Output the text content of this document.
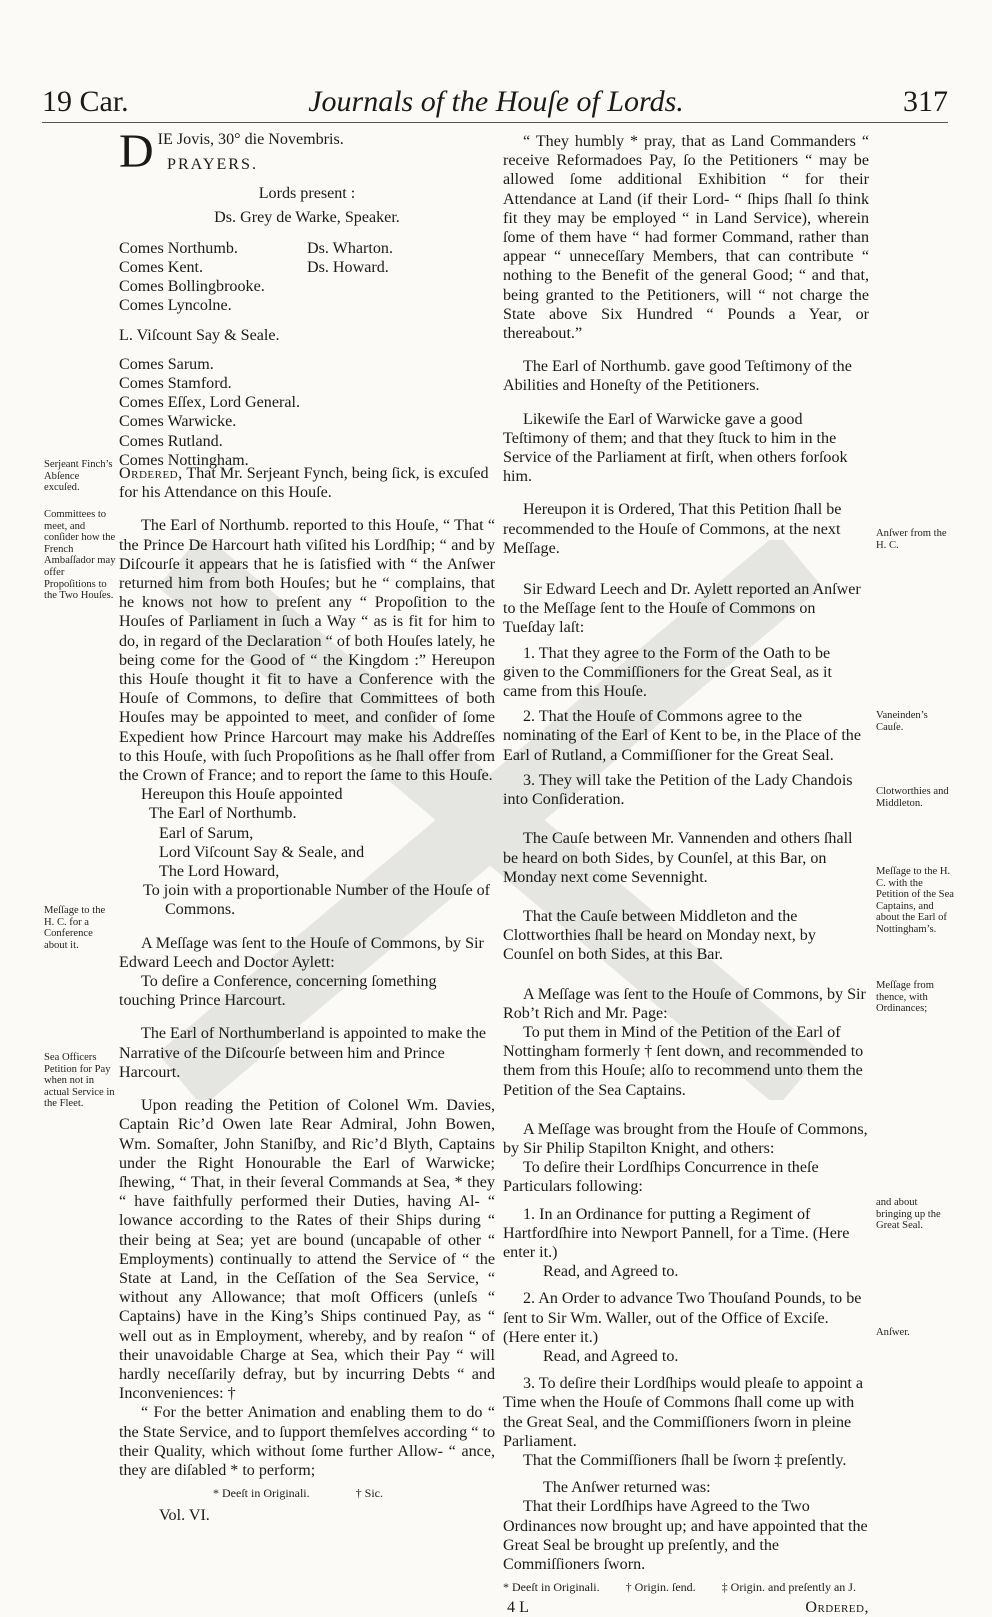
19 Car.	Journals of the Houſe of Lords.	317
Serjeant Finch’s Abſence excuſed.
Committees to meet, and conſider how the French Ambaſſador may offer Propoſitions to the Two Houſes.
Meſſage to the H. C. for a Conference about it.
Sea Officers Petition for Pay when not in actual Service in the Fleet.

DIE Jovis, 30° die Novembris.

PRAYERS.

Lords present :

Ds. Grey de Warke, Speaker.

Comes Northumb.

Comes Kent.

Comes Bollingbrooke.

Comes Lyncolne.

Ds. Wharton.

Ds. Howard.

L. Viſcount Say & Seale.

Comes Sarum.

Comes Stamford.

Comes Eſſex, Lord General.

Comes Warwicke.

Comes Rutland.

Comes Nottingham.

Ordered, That Mr. Serjeant Fynch, being ſick, is excuſed for his Attendance on this Houſe.

The Earl of Northumb. reported to this Houſe, “ That “ the Prince De Harcourt hath viſited his Lordſhip; “ and by Diſcourſe it appears that he is ſatisfied with “ the Anſwer returned him from both Houſes; but he “ complains, that he knows not how to preſent any “ Propoſition to the Houſes of Parliament in ſuch a Way “ as is fit for him to do, in regard of the Declaration “ of both Houſes lately, he being come for the Good of “ the Kingdom :” Hereupon this Houſe thought it fit to have a Conference with the Houſe of Commons, to deſire that Committees of both Houſes may be appointed to meet, and conſider of ſome Expedient how Prince Harcourt may make his Addreſſes to this Houſe, with ſuch Propoſitions as he ſhall offer from the Crown of France; and to report the ſame to this Houſe.

Hereupon this Houſe appointed

The Earl of Northumb.

Earl of Sarum,

Lord Viſcount Say & Seale, and

The Lord Howard,

To join with a proportionable Number of the Houſe of Commons.

A Meſſage was ſent to the Houſe of Commons, by Sir Edward Leech and Doctor Aylett:

To deſire a Conference, concerning ſomething touching Prince Harcourt.

The Earl of Northumberland is appointed to make the Narrative of the Diſcourſe between him and Prince Harcourt.

Upon reading the Petition of Colonel Wm. Davies, Captain Ric’d Owen late Rear Admiral, John Bowen, Wm. Somaſter, John Staniſby, and Ric’d Blyth, Captains under the Right Honourable the Earl of Warwicke; ſhewing, “ That, in their ſeveral Commands at Sea, * they “ have faithfully performed their Duties, having Al- “ lowance according to the Rates of their Ships during “ their being at Sea; yet are bound (uncapable of other “ Employments) continually to attend the Service of “ the State at Land, in the Ceſſation of the Sea Service, “ without any Allowance; that moſt Officers (unleſs “ Captains) have in the King’s Ships continued Pay, as “ well out as in Employment, whereby, and by reaſon “ of their unavoidable Charge at Sea, which their Pay “ will hardly neceſſarily defray, but by incurring Debts “ and Inconveniences: †

“ For the better Animation and enabling them to do “ the State Service, and to ſupport themſelves according “ to their Quality, which without ſome further Allow- “ ance, they are diſabled * to perform;

* Deeſt in Originali.	† Sic.

Vol. VI.

“ They humbly * pray, that as Land Commanders “ receive Reformadoes Pay, ſo the Petitioners “ may be allowed ſome additional Exhibition “ for their Attendance at Land (if their Lord- “ ſhips ſhall ſo think fit they may be employed “ in Land Service), wherein ſome of them have “ had former Command, rather than appear “ unneceſſary Members, that can contribute “ nothing to the Benefit of the general Good; “ and that, being granted to the Petitioners, will “ not charge the State above Six Hundred “ Pounds a Year, or thereabout.”

The Earl of Northumb. gave good Teſtimony of the Abilities and Honeſty of the Petitioners.

Likewiſe the Earl of Warwicke gave a good Teſtimony of them; and that they ſtuck to him in the Service of the Parliament at firſt, when others forſook him.

Hereupon it is Ordered, That this Petition ſhall be recommended to the Houſe of Commons, at the next Meſſage.

Sir Edward Leech and Dr. Aylett reported an Anſwer to the Meſſage ſent to the Houſe of Commons on Tueſday laſt:

1. That they agree to the Form of the Oath to be given to the Commiſſioners for the Great Seal, as it came from this Houſe.

2. That the Houſe of Commons agree to the nominating of the Earl of Kent to be, in the Place of the Earl of Rutland, a Commiſſioner for the Great Seal.

3. They will take the Petition of the Lady Chandois into Conſideration.

The Cauſe between Mr. Vannenden and others ſhall be heard on both Sides, by Counſel, at this Bar, on Monday next come Sevennight.

That the Cauſe between Middleton and the Clottworthies ſhall be heard on Monday next, by Counſel on both Sides, at this Bar.

A Meſſage was ſent to the Houſe of Commons, by Sir Rob’t Rich and Mr. Page:

To put them in Mind of the Petition of the Earl of Nottingham formerly † ſent down, and recommended to them from this Houſe; alſo to recommend unto them the Petition of the Sea Captains.

A Meſſage was brought from the Houſe of Commons, by Sir Philip Stapilton Knight, and others:

To deſire their Lordſhips Concurrence in theſe Particulars following:

1. In an Ordinance for putting a Regiment of Hartfordſhire into Newport Pannell, for a Time. (Here enter it.)

Read, and Agreed to.

2. An Order to advance Two Thouſand Pounds, to be ſent to Sir Wm. Waller, out of the Office of Exciſe. (Here enter it.)

Read, and Agreed to.

3. To deſire their Lordſhips would pleaſe to appoint a Time when the Houſe of Commons ſhall come up with the Great Seal, and the Commiſſioners ſworn in pleine Parliament.

That the Commiſſioners ſhall be ſworn ‡ preſently.

The Anſwer returned was:

That their Lordſhips have Agreed to the Two Ordinances now brought up; and have appointed that the Great Seal be brought up preſently, and the Commiſſioners ſworn.

* Deeſt in Originali. † Origin. ſend. ‡ Origin. and preſently an J.
4 L	Ordered,
Anſwer from the H. C.
Vaneinden’s Cauſe.
Clotworthies and Middleton.
Meſſage to the H. C. with the Petition of the Sea Captains, and about the Earl of Nottingham’s.
Meſſage from thence, with Ordinances;
and about bringing up the Great Seal.
Anſwer.
